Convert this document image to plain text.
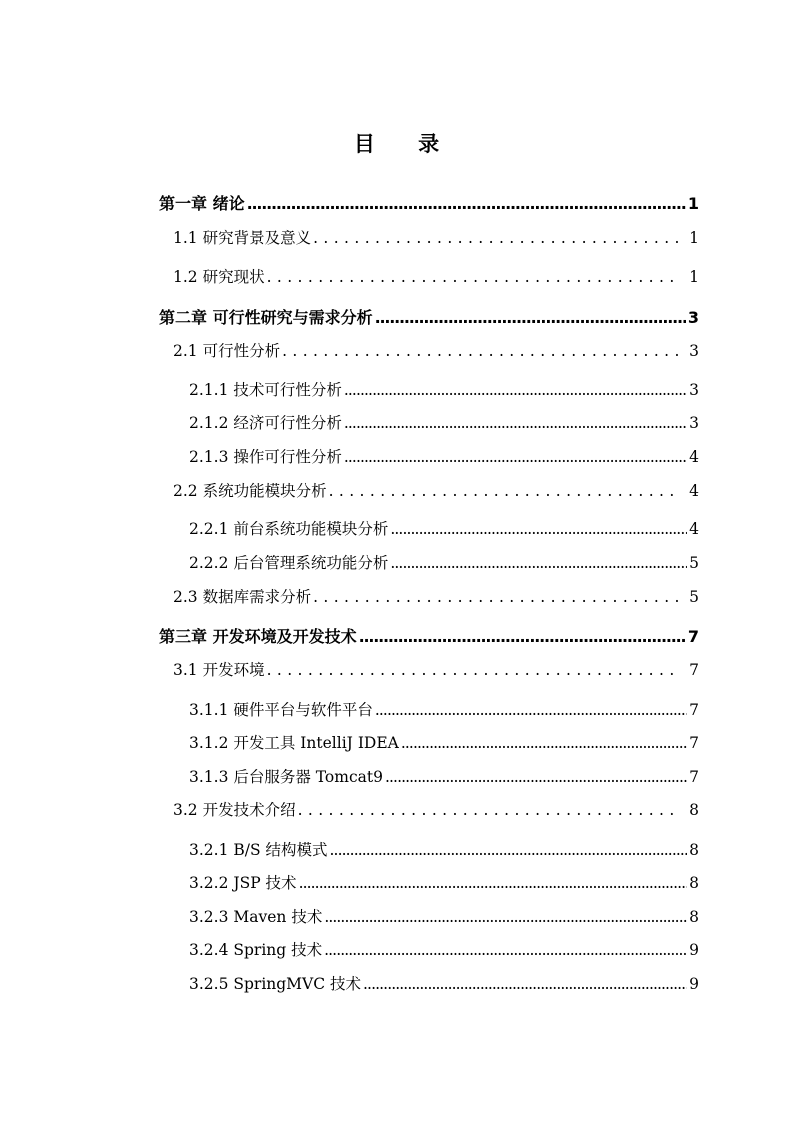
目 录
第一章 绪论 .....	1
1.1 研究背景及意义 .....	1
1.2 研究现状 .....	1
第二章 可行性研究与需求分析 .....	3
2.1 可行性分析 .....	3
2.1.1 技术可行性分析 .....	3
2.1.2 经济可行性分析 .....	3
2.1.3 操作可行性分析 .....	4
2.2 系统功能模块分析 .....	4
2.2.1 前台系统功能模块分析 .....	4
2.2.2 后台管理系统功能分析 .....	5
2.3 数据库需求分析 .....	5
第三章 开发环境及开发技术 .....	7
3.1 开发环境 .....	7
3.1.1 硬件平台与软件平台 .....	7
3.1.2 开发工具 IntelliJ IDEA .....	7
3.1.3 后台服务器 Tomcat9 .....	7
3.2 开发技术介绍 .....	8
3.2.1 B/S 结构模式 .....	8
3.2.2 JSP 技术 .....	8
3.2.3 Maven 技术 .....	8
3.2.4 Spring 技术 .....	9
3.2.5 SpringMVC 技术 .....	9
